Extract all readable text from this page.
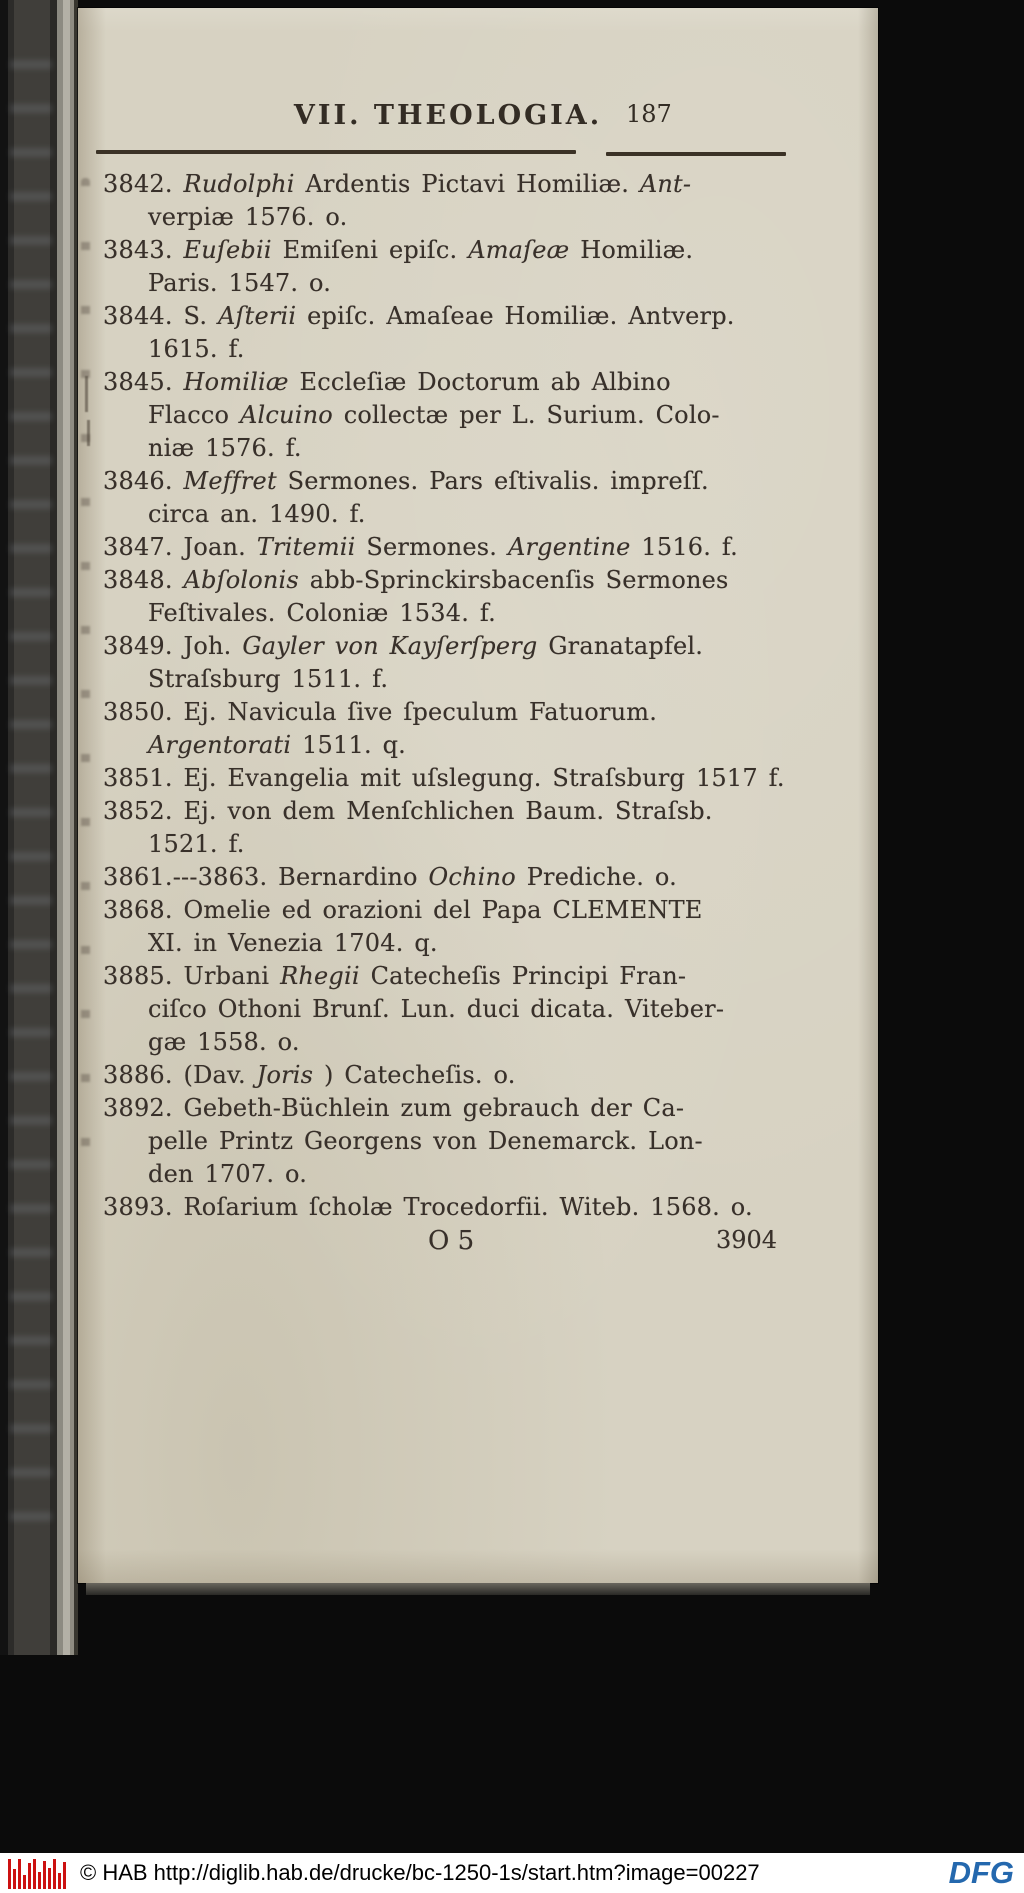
VII. THEOLOGIA. 187
3842. Rudolphi Ardentis Pictavi Homiliæ. Ant-
verpiæ 1576. o.
3843. Euſebii Emiſeni epiſc. Amaſeæ Homiliæ.
Paris. 1547. o.
3844. S. Aſterii epiſc. Amaſeae Homiliæ. Antverp.
1615. f.
3845. Homiliæ Eccleſiæ Doctorum ab Albino
Flacco Alcuino collectæ per L. Surium. Colo-
niæ 1576. f.
3846. Meffret Sermones. Pars eſtivalis. impreſſ.
circa an. 1490. f.
3847. Joan. Tritemii Sermones. Argentine 1516. f.
3848. Abſolonis abb-Sprinckirsbacenſis Sermones
Feſtivales. Coloniæ 1534. f.
3849. Joh. Gayler von Kayſerſperg Granatapfel.
Straſsburg 1511. f.
3850. Ej. Navicula ſive ſpeculum Fatuorum.
Argentorati 1511. q.
3851. Ej. Evangelia mit uſslegung. Straſsburg 1517 f.
3852. Ej. von dem Menſchlichen Baum. Straſsb.
1521. f.
3861.---3863. Bernardino Ochino Prediche. o.
3868. Omelie ed orazioni del Papa CLEMENTE
XI. in Venezia 1704. q.
3885. Urbani Rhegii Catecheſis Principi Fran-
ciſco Othoni Brunſ. Lun. duci dicata. Viteber-
gæ 1558. o.
3886. (Dav. Joris ) Catecheſis. o.
3892. Gebeth-Büchlein zum gebrauch der Ca-
pelle Printz Georgens von Denemarck. Lon-
den 1707. o.
3893. Roſarium ſcholæ Trocedorfii. Witeb. 1568. o.
O 5	3904
© HAB http://diglib.hab.de/drucke/bc-1250-1s/start.htm?image=00227	DFG
